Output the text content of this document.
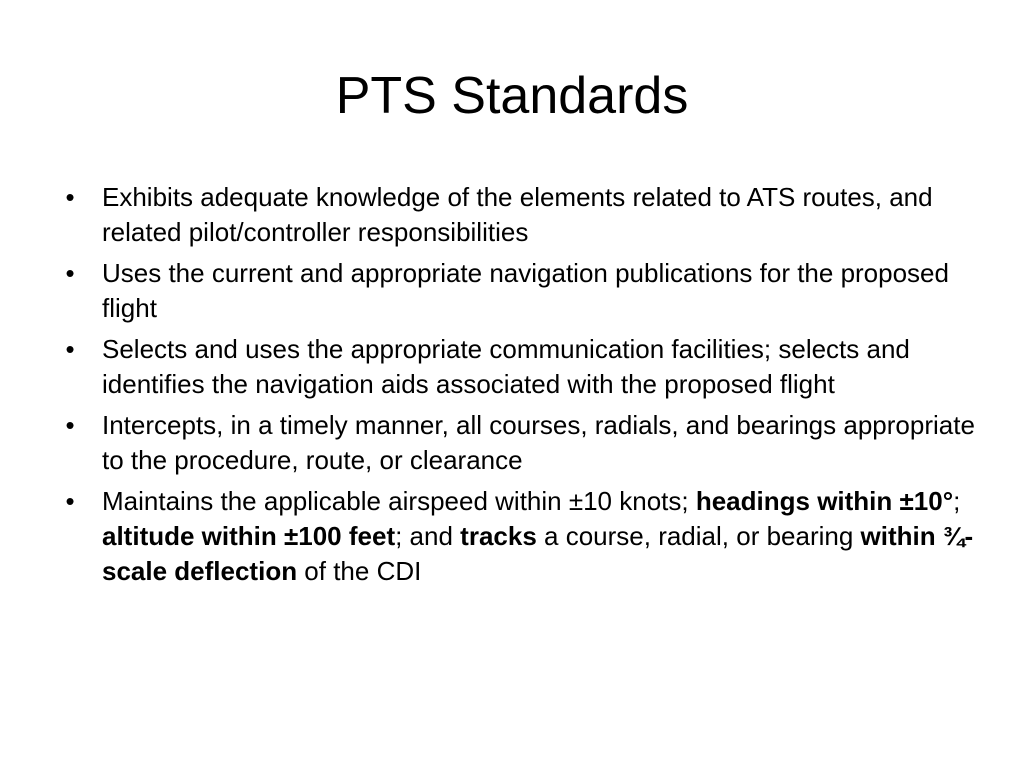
PTS Standards
• Exhibits adequate knowledge of the elements related to ATS routes, and related pilot/controller responsibilities
• Uses the current and appropriate navigation publications for the proposed flight
• Selects and uses the appropriate communication facilities; selects and identifies the navigation aids associated with the proposed flight
• Intercepts, in a timely manner, all courses, radials, and bearings appropriate to the procedure, route, or clearance
• Maintains the applicable airspeed within ±10 knots; headings within ±10°; altitude within ±100 feet; and tracks a course, radial, or bearing within ¾-scale deflection of the CDI
